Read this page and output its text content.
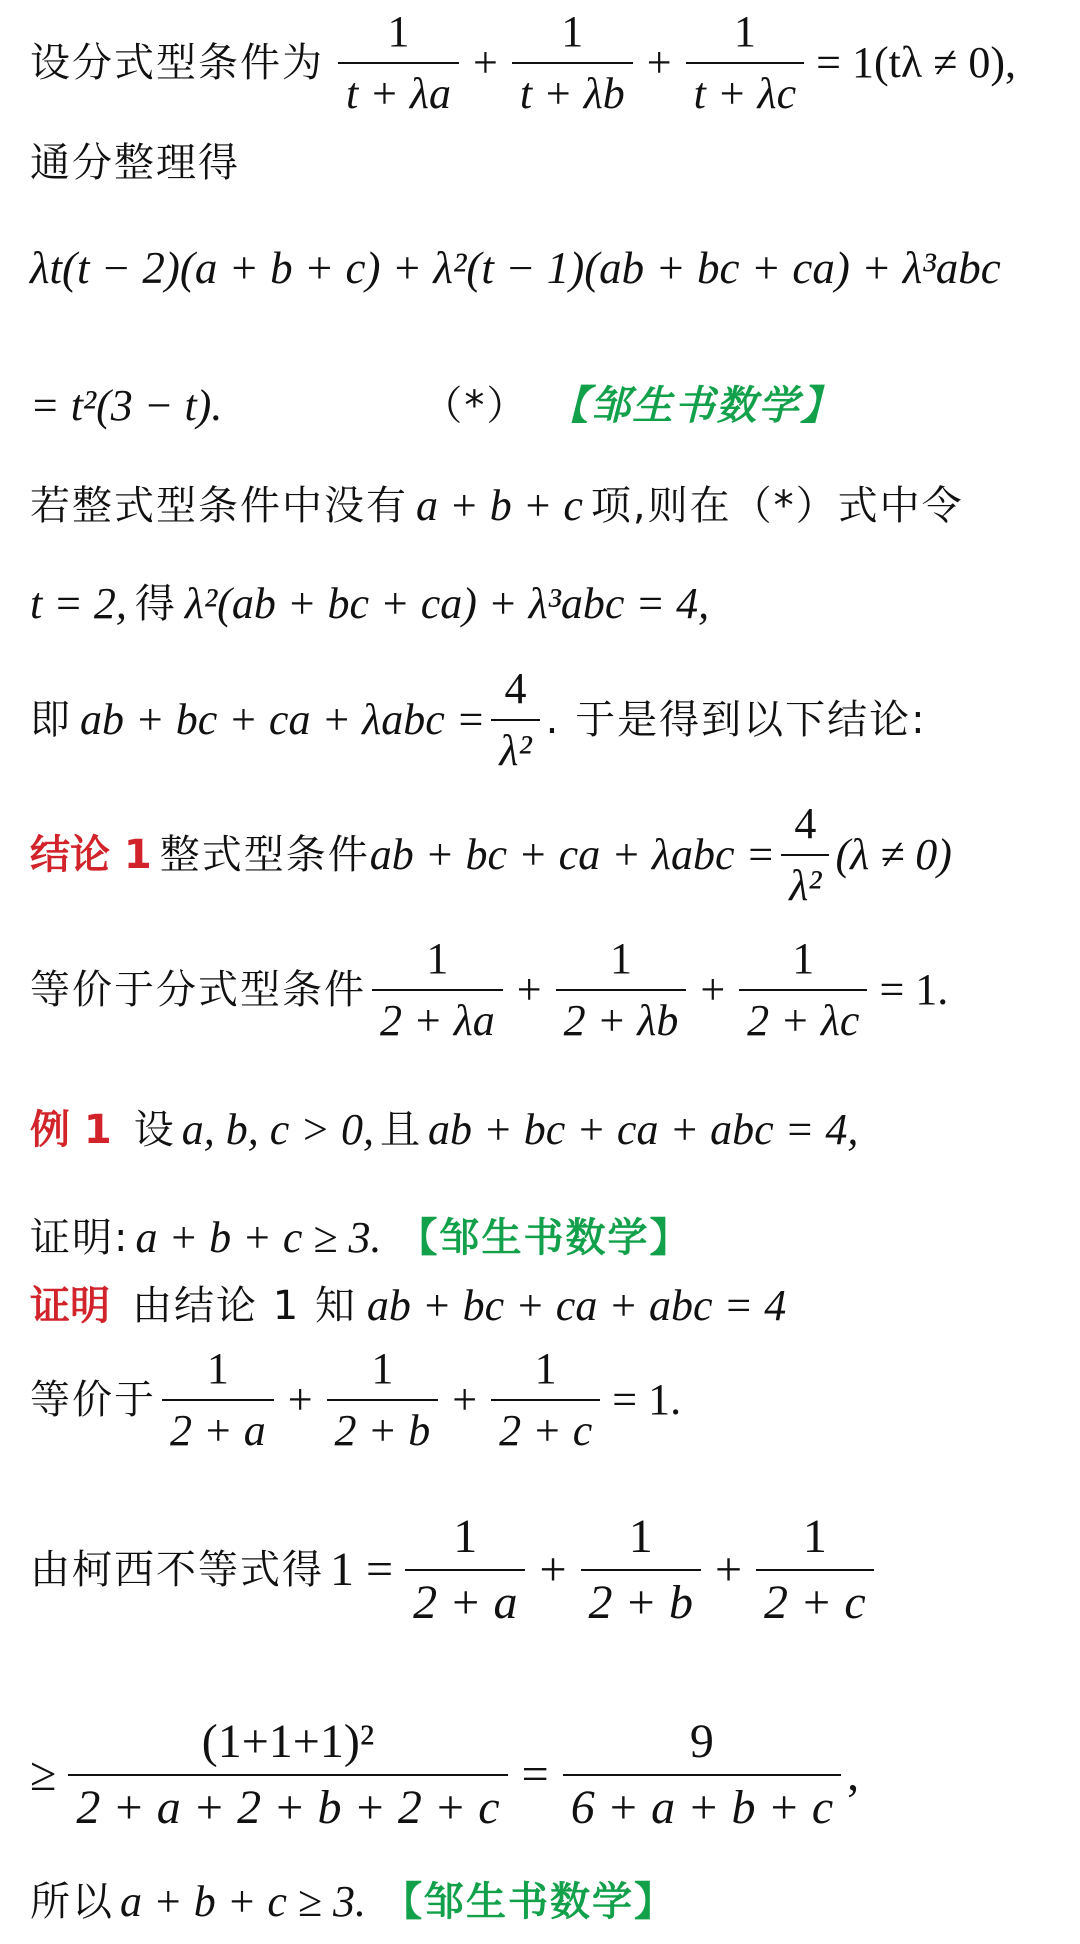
设分式型条件为 $\frac{1}{t + \lambda a} + \frac{1}{t + \lambda b} + \frac{1}{t + \lambda c} = 1(t\lambda \ne 0)$,
通分整理得
λt(t − 2)(a + b + c) + λ²(t − 1)(ab + bc + ca) + λ³abc
= t²(3 − t).	（*） 【邹生书数学】
若整式型条件中没有 a + b + c 项,则在（*）式中令
t = 2, 得 λ²(ab + bc + ca) + λ³abc = 4,
即 ab + bc + ca + $\lambda abc = \frac{4}{\text{λ²}}$ . 于是得到以下结论:
结论 1 整式型条件 ab + bc + ca + $\lambda abc = \frac{4}{\text{λ²}} (\lambda \ne 0)$
等价于分式型条件 $\frac{1}{2 + \lambda a} + \frac{1}{2 + \lambda b} + \frac{1}{2 + \lambda c} = 1$.
例 1 设 a, b, c > 0, 且 ab + bc + ca + abc = 4,
证明: a + b + c ≥ 3. 【邹生书数学】
证明 由结论 1 知 ab + bc + ca + abc = 4
等价于 $\frac{1}{2 + a} + \frac{1}{2 + b} + \frac{1}{2 + c} = 1$.
由柯西不等式得 $1 = \frac{1}{2 + a} + \frac{1}{2 + b} + \frac{1}{2 + c}$
≥ $\frac{\text{(1+1+1)²}}{2 + a + 2 + b + 2 + c} = \frac{9}{6 + a + b + c}$ ,
所以 a + b + c ≥ 3. 【邹生书数学】
